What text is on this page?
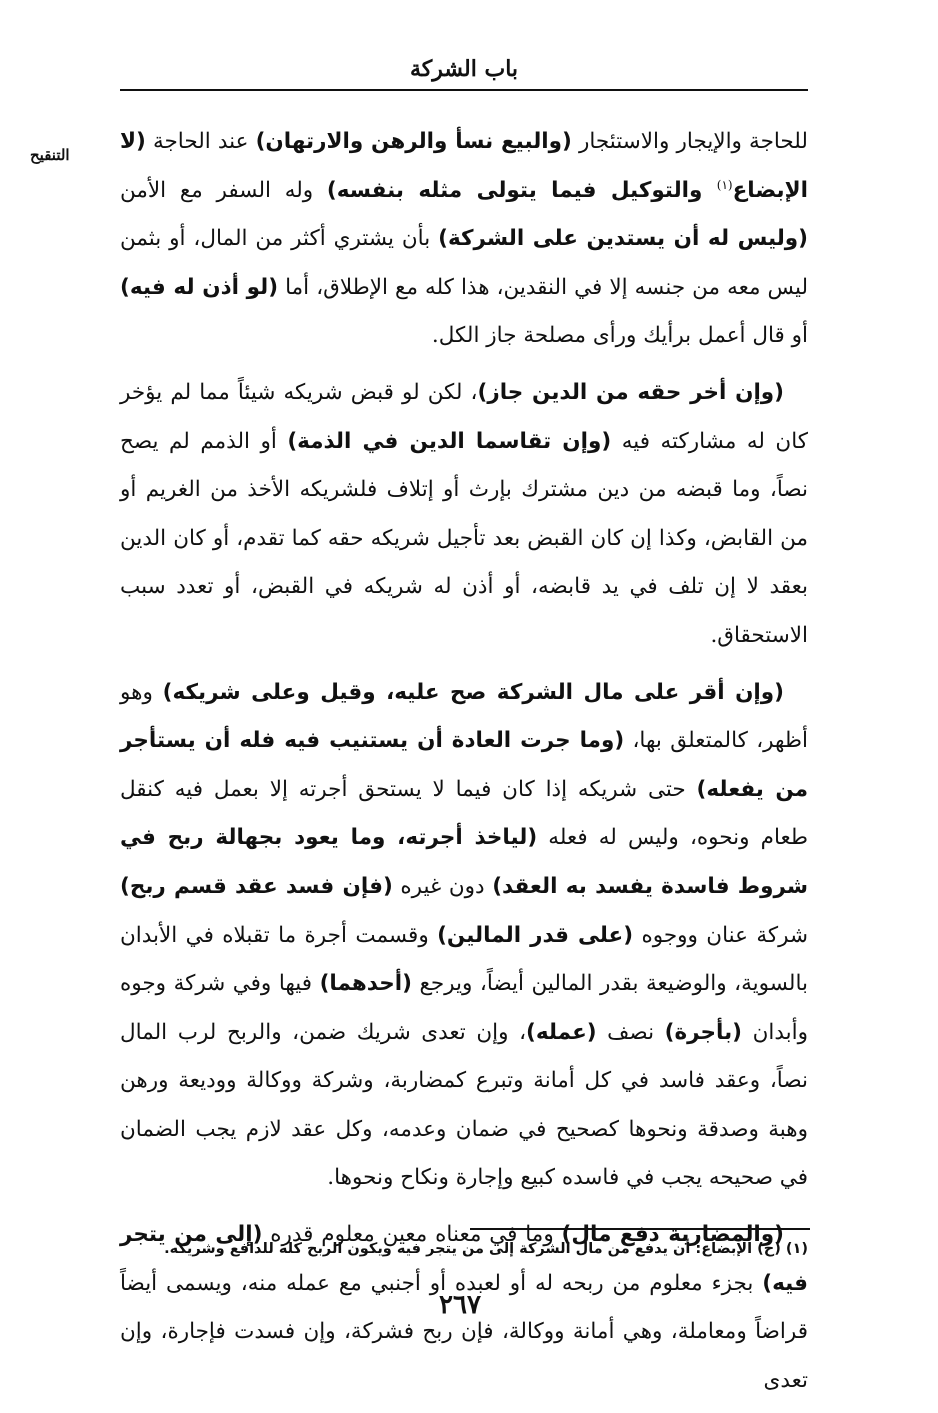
باب الشركة
التنقيح

للحاجة والإيجار والاستئجار (والبيع نسأ والرهن والارتهان) عند الحاجة (لا الإبضاع$^{(١)}$ والتوكيل فيما يتولى مثله بنفسه) وله السفر مع الأمن (وليس له أن يستدين على الشركة) بأن يشتري أكثر من المال، أو بثمن ليس معه من جنسه إلا في النقدين، هذا كله مع الإطلاق، أما (لو أذن له فيه) أو قال أعمل برأيك ورأى مصلحة جاز الكل.

(وإن أخر حقه من الدين جاز)، لكن لو قبض شريكه شيئاً مما لم يؤخر كان له مشاركته فيه (وإن تقاسما الدين في الذمة) أو الذمم لم يصح نصاً، وما قبضه من دين مشترك بإرث أو إتلاف فلشريكه الأخذ من الغريم أو من القابض، وكذا إن كان القبض بعد تأجيل شريكه حقه كما تقدم، أو كان الدين بعقد لا إن تلف في يد قابضه، أو أذن له شريكه في القبض، أو تعدد سبب الاستحقاق.

(وإن أقر على مال الشركة صح عليه، وقيل وعلى شريكه) وهو أظهر، كالمتعلق بها، (وما جرت العادة أن يستنيب فيه فله أن يستأجر من يفعله) حتى شريكه إذا كان فيما لا يستحق أجرته إلا بعمل فيه كنقل طعام ونحوه، وليس له فعله (لياخذ أجرته، وما يعود بجهالة ربح في شروط فاسدة يفسد به العقد) دون غيره (فإن فسد عقد قسم ربح) شركة عنان ووجوه (على قدر المالين) وقسمت أجرة ما تقبلاه في الأبدان بالسوية، والوضيعة بقدر المالين أيضاً، ويرجع (أحدهما) فيها وفي شركة وجوه وأبدان (بأجرة) نصف (عمله)، وإن تعدى شريك ضمن، والربح لرب المال نصاً، وعقد فاسد في كل أمانة وتبرع كمضاربة، وشركة ووكالة ووديعة ورهن وهبة وصدقة ونحوها كصحيح في ضمان وعدمه، وكل عقد لازم يجب الضمان في صحيحه يجب في فاسده كبيع وإجارة ونكاح ونحوها.

(والمضاربة دفع مال) وما في معناه معين معلوم قدره (إلى من يتجر فيه) بجزء معلوم من ربحه له أو لعبده أو أجنبي مع عمله منه، ويسمى أيضاً قراضاً ومعاملة، وهي أمانة ووكالة، فإن ربح فشركة، وإن فسدت فإجارة، وإن تعدى

(١) (ح) الإبضاع: أن يدفع من مال الشركة إلى من يتجر فيه ويكون الربح كله للدافع وشريكه.
٢٦٧
